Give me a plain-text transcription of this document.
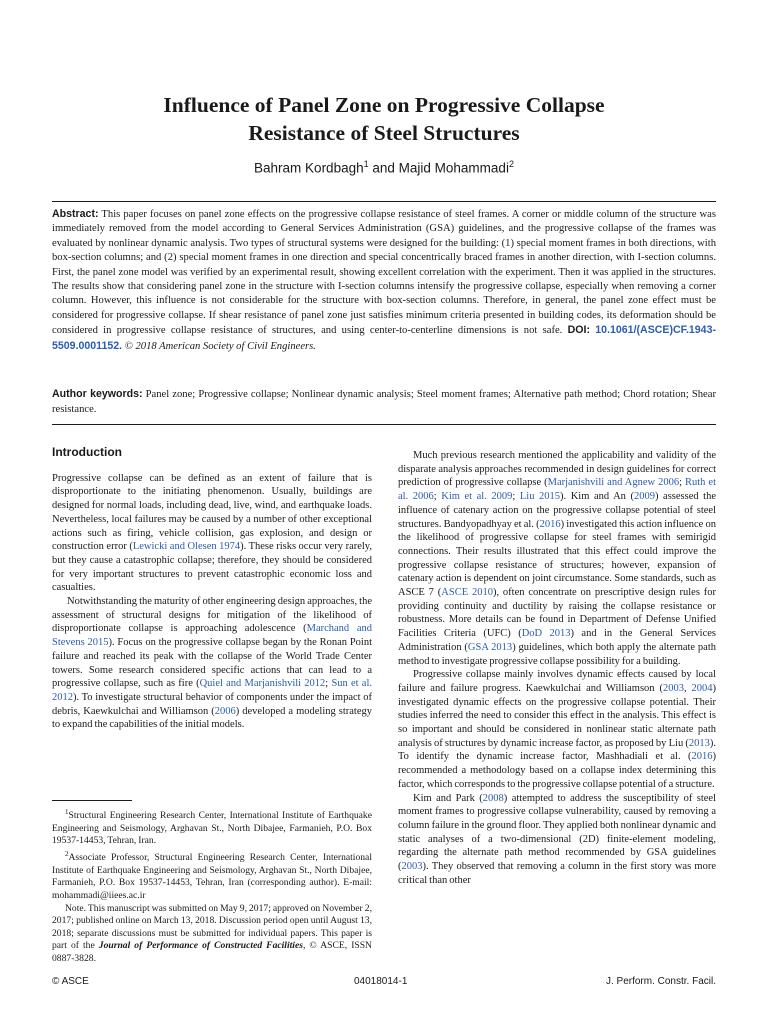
Influence of Panel Zone on Progressive Collapse
Resistance of Steel Structures
Bahram Kordbagh$^1$ and Majid Mohammadi$^2$
Abstract: This paper focuses on panel zone effects on the progressive collapse resistance of steel frames. A corner or middle column of the structure was immediately removed from the model according to General Services Administration (GSA) guidelines, and the progressive collapse of the frames was evaluated by nonlinear dynamic analysis. Two types of structural systems were designed for the building: (1) special moment frames in both directions, with box-section columns; and (2) special moment frames in one direction and special concentrically braced frames in another direction, with I-section columns. First, the panel zone model was verified by an experimental result, showing excellent correlation with the experiment. Then it was applied in the structures. The results show that considering panel zone in the structure with I-section columns intensify the progressive collapse, especially when removing a corner column. However, this influence is not considerable for the structure with box-section columns. Therefore, in general, the panel zone effect must be considered for progressive collapse. If shear resistance of panel zone just satisfies minimum criteria presented in building codes, its deformation should be considered in progressive collapse resistance of structures, and using center-to-centerline dimensions is not safe. DOI: 10.1061/(ASCE)CF.1943-5509.0001152. © 2018 American Society of Civil Engineers.
Author keywords: Panel zone; Progressive collapse; Nonlinear dynamic analysis; Steel moment frames; Alternative path method; Chord rotation; Shear resistance.
Introduction

Progressive collapse can be defined as an extent of failure that is disproportionate to the initiating phenomenon. Usually, buildings are designed for normal loads, including dead, live, wind, and earthquake loads. Nevertheless, local failures may be caused by a number of other exceptional actions such as firing, vehicle collision, gas explosion, and design or construction error (Lewicki and Olesen 1974). These risks occur very rarely, but they cause a catastrophic collapse; therefore, they should be considered for very important structures to prevent catastrophic economic loss and casualties.

Notwithstanding the maturity of other engineering design approaches, the assessment of structural designs for mitigation of the likelihood of disproportionate collapse is approaching adolescence (Marchand and Stevens 2015). Focus on the progressive collapse began by the Ronan Point failure and reached its peak with the collapse of the World Trade Center towers. Some research considered specific actions that can lead to a progressive collapse, such as fire (Quiel and Marjanishvili 2012; Sun et al. 2012). To investigate structural behavior of components under the impact of debris, Kaewkulchai and Williamson (2006) developed a modeling strategy to expand the capabilities of the initial models.

$^1$Structural Engineering Research Center, International Institute of Earthquake Engineering and Seismology, Arghavan St., North Dibajee, Farmanieh, P.O. Box 19537-14453, Tehran, Iran.

$^2$Associate Professor, Structural Engineering Research Center, International Institute of Earthquake Engineering and Seismology, Arghavan St., North Dibajee, Farmanieh, P.O. Box 19537-14453, Tehran, Iran (corresponding author). E-mail: mohammadi@iiees.ac.ir

Note. This manuscript was submitted on May 9, 2017; approved on November 2, 2017; published online on March 13, 2018. Discussion period open until August 13, 2018; separate discussions must be submitted for individual papers. This paper is part of the Journal of Performance of Constructed Facilities, © ASCE, ISSN 0887-3828.

Much previous research mentioned the applicability and validity of the disparate analysis approaches recommended in design guidelines for correct prediction of progressive collapse (Marjanishvili and Agnew 2006; Ruth et al. 2006; Kim et al. 2009; Liu 2015). Kim and An (2009) assessed the influence of catenary action on the progressive collapse potential of steel structures. Bandyopadhyay et al. (2016) investigated this action influence on the likelihood of progressive collapse for steel frames with semirigid connections. Their results illustrated that this effect could improve the progressive collapse resistance of structures; however, expansion of catenary action is dependent on joint circumstance. Some standards, such as ASCE 7 (ASCE 2010), often concentrate on prescriptive design rules for providing continuity and ductility by raising the collapse resistance or robustness. More details can be found in Department of Defense Unified Facilities Criteria (UFC) (DoD 2013) and in the General Services Administration (GSA 2013) guidelines, which both apply the alternate path method to investigate progressive collapse possibility for a building.

Progressive collapse mainly involves dynamic effects caused by local failure and failure progress. Kaewkulchai and Williamson (2003, 2004) investigated dynamic effects on the progressive collapse potential. Their studies inferred the need to consider this effect in the analysis. This effect is so important and should be considered in nonlinear static alternate path analysis of structures by dynamic increase factor, as proposed by Liu (2013). To identify the dynamic increase factor, Mashhadiali et al. (2016) recommended a methodology based on a collapse index determining this factor, which corresponds to the progressive collapse potential of a structure.

Kim and Park (2008) attempted to address the susceptibility of steel moment frames to progressive collapse vulnerability, caused by removing a column failure in the ground floor. They applied both nonlinear dynamic and static analyses of a two-dimensional (2D) finite-element modeling, regarding the alternate path method recommended by GSA guidelines (2003). They observed that removing a column in the first story was more critical than other

© ASCE	04018014-1	J. Perform. Constr. Facil.
